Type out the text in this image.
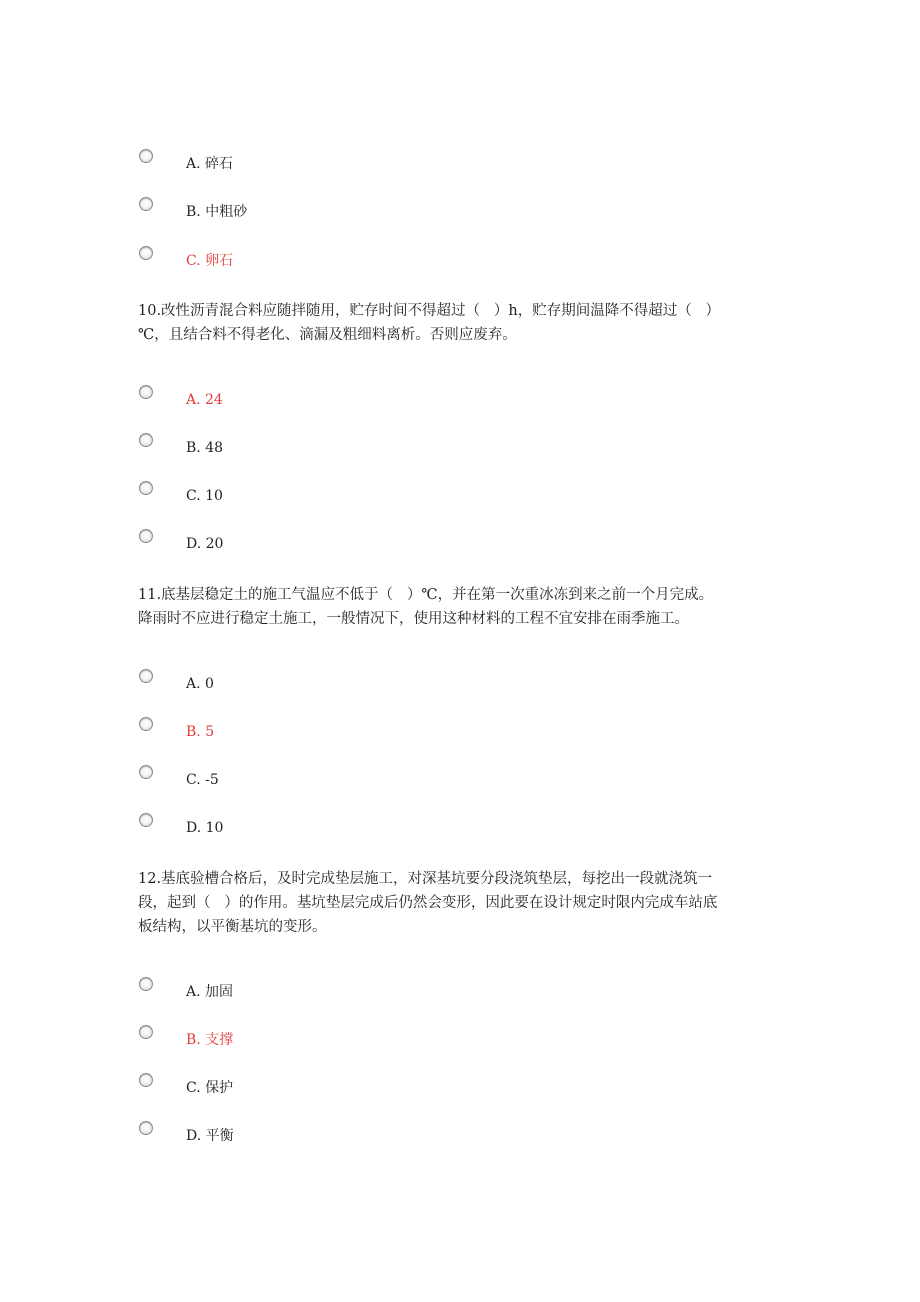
A. 碎石
B. 中粗砂
C. 卵石
10.改性沥青混合料应随拌随用，贮存时间不得超过（   ）h，贮存期间温降不得超过（   ）
℃，且结合料不得老化、滴漏及粗细料离析。否则应废弃。
A. 24
B. 48
C. 10
D. 20
11.底基层稳定土的施工气温应不低于（   ）℃，并在第一次重冰冻到来之前一个月完成。
降雨时不应进行稳定土施工，一般情况下，使用这种材料的工程不宜安排在雨季施工。
A. 0
B. 5
C. -5
D. 10
12.基底验槽合格后，及时完成垫层施工，对深基坑要分段浇筑垫层，每挖出一段就浇筑一
段，起到（   ）的作用。基坑垫层完成后仍然会变形，因此要在设计规定时限内完成车站底
板结构，以平衡基坑的变形。
A. 加固
B. 支撑
C. 保护
D. 平衡
